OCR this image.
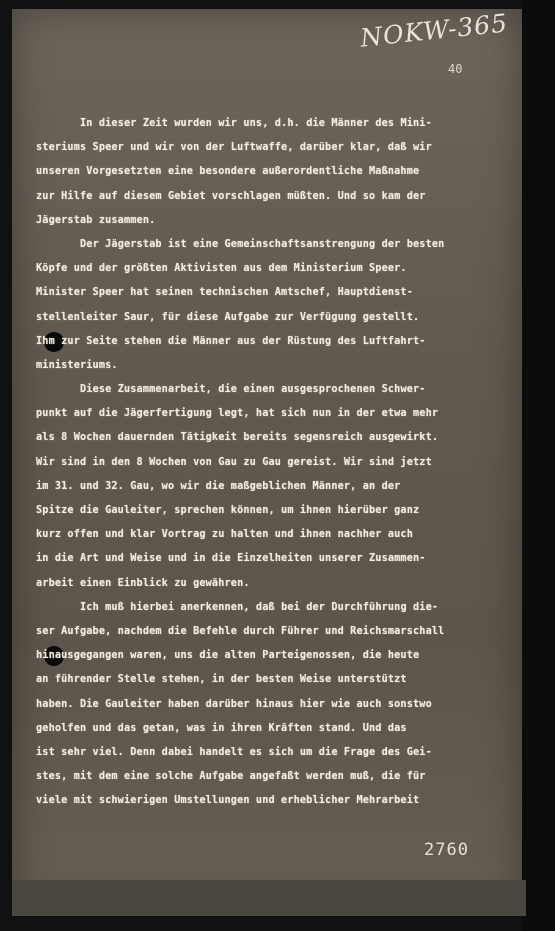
NOKW-365
40
In dieser Zeit wurden wir uns, d.h. die Männer des Mini-
steriums Speer und wir von der Luftwaffe, darüber klar, daß wir
unseren Vorgesetzten eine besondere außerordentliche Maßnahme
zur Hilfe auf diesem Gebiet vorschlagen müßten. Und so kam der
Jägerstab zusammen.
Der Jägerstab ist eine Gemeinschaftsanstrengung der besten
Köpfe und der größten Aktivisten aus dem Ministerium Speer.
Minister Speer hat seinen technischen Amtschef, Hauptdienst-
stellenleiter Saur, für diese Aufgabe zur Verfügung gestellt.
Ihm zur Seite stehen die Männer aus der Rüstung des Luftfahrt-
ministeriums.
Diese Zusammenarbeit, die einen ausgesprochenen Schwer-
punkt auf die Jägerfertigung legt, hat sich nun in der etwa mehr
als 8 Wochen dauernden Tätigkeit bereits segensreich ausgewirkt.
Wir sind in den 8 Wochen von Gau zu Gau gereist. Wir sind jetzt
im 31. und 32. Gau, wo wir die maßgeblichen Männer, an der
Spitze die Gauleiter, sprechen können, um ihnen hierüber ganz
kurz offen und klar Vortrag zu halten und ihnen nachher auch
in die Art und Weise und in die Einzelheiten unserer Zusammen-
arbeit einen Einblick zu gewähren.
Ich muß hierbei anerkennen, daß bei der Durchführung die-
ser Aufgabe, nachdem die Befehle durch Führer und Reichsmarschall
hinausgegangen waren, uns die alten Parteigenossen, die heute
an führender Stelle stehen, in der besten Weise unterstützt
haben. Die Gauleiter haben darüber hinaus hier wie auch sonstwo
geholfen und das getan, was in ihren Kräften stand. Und das
ist sehr viel. Denn dabei handelt es sich um die Frage des Gei-
stes, mit dem eine solche Aufgabe angefaßt werden muß, die für
viele mit schwierigen Umstellungen und erheblicher Mehrarbeit
2760
